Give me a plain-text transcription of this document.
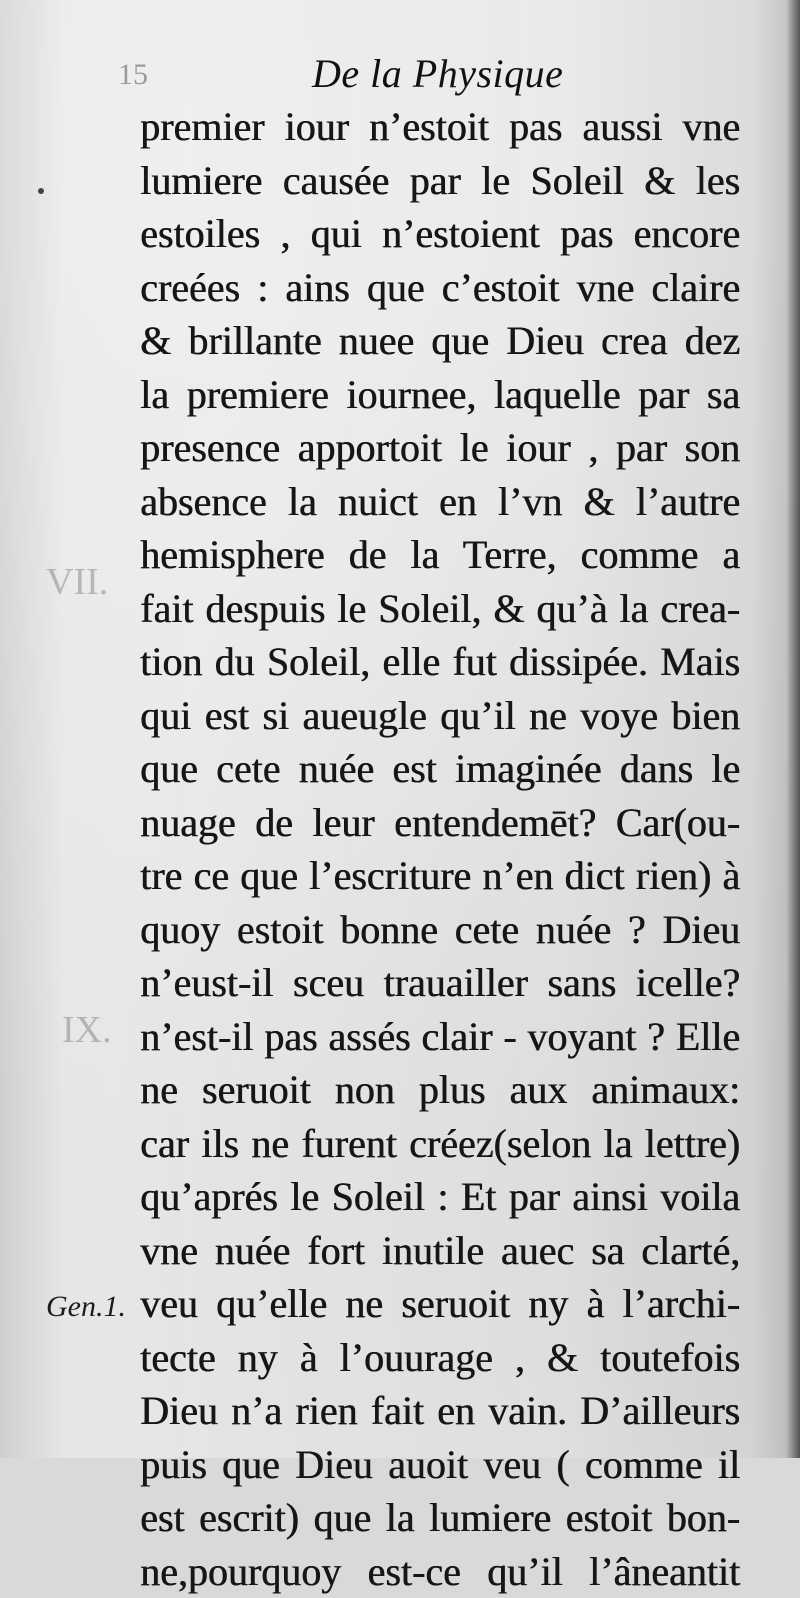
15	De la Physique
VII.
IX.
premier iour n’estoit pas aussi vne
lumiere causée par le Soleil & les
estoiles , qui n’estoient pas encore
creées : ains que c’estoit vne claire
& brillante nuee que Dieu crea dez
la premiere iournee, laquelle par sa
presence apportoit le iour , par son
absence la nuict en l’vn & l’autre
hemisphere de la Terre, comme a
fait despuis le Soleil, & qu’à la crea-
tion du Soleil, elle fut dissipée. Mais
qui est si aueugle qu’il ne voye bien
que cete nuée est imaginée dans le
nuage de leur entendemēt? Car(ou-
tre ce que l’escriture n’en dict rien) à
quoy estoit bonne cete nuée ? Dieu
n’eust-il sceu trauailler sans icelle?
n’est-il pas assés clair - voyant ? Elle
ne seruoit non plus aux animaux:
car ils ne furent créez(selon la lettre)
qu’aprés le Soleil : Et par ainsi voila
vne nuée fort inutile auec sa clarté,
veu qu’elle ne seruoit ny à l’archi-
tecte ny à l’ouurage , & toutefois
Dieu n’a rien fait en vain. D’ailleurs
puis que Dieu auoit veu ( comme il
est escrit) que la lumiere estoit bon-
ne,pourquoy est-ce qu’il l’âneantit
Gen.1.
